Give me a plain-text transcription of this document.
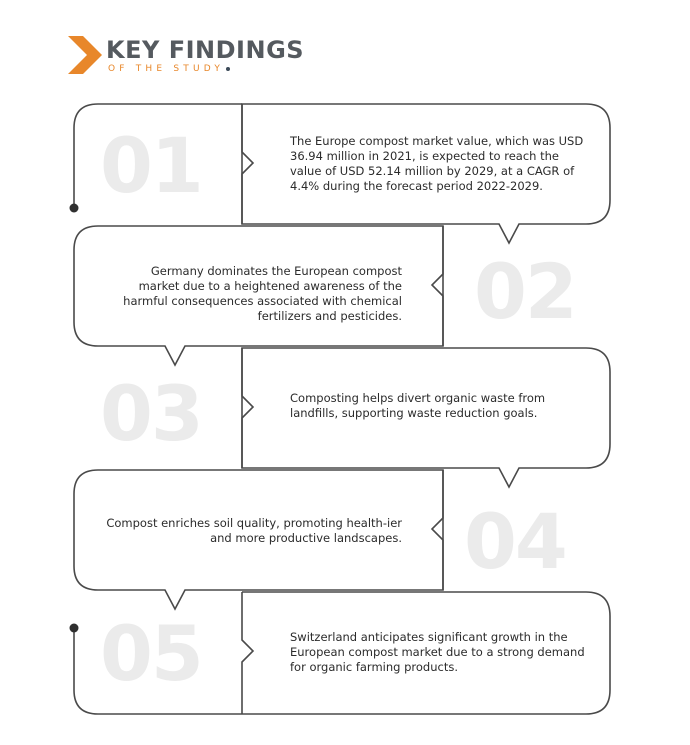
KEY FINDINGS
OF THE STUDY
01	The Europe compost market value, which was USD 36.94 million in 2021, is expected to reach the value of USD 52.14 million by 2029, at a CAGR of 4.4% during the forecast period 2022-2029.
02
Germany dominates the European compost market due to a heightened awareness of the harmful consequences associated with chemical fertilizers and pesticides.
03	Composting helps divert organic waste from landfills, supporting waste reduction goals.
04
Compost enriches soil quality, promoting health-ier and more productive landscapes.
05	Switzerland anticipates significant growth in the European compost market due to a strong demand for organic farming products.
